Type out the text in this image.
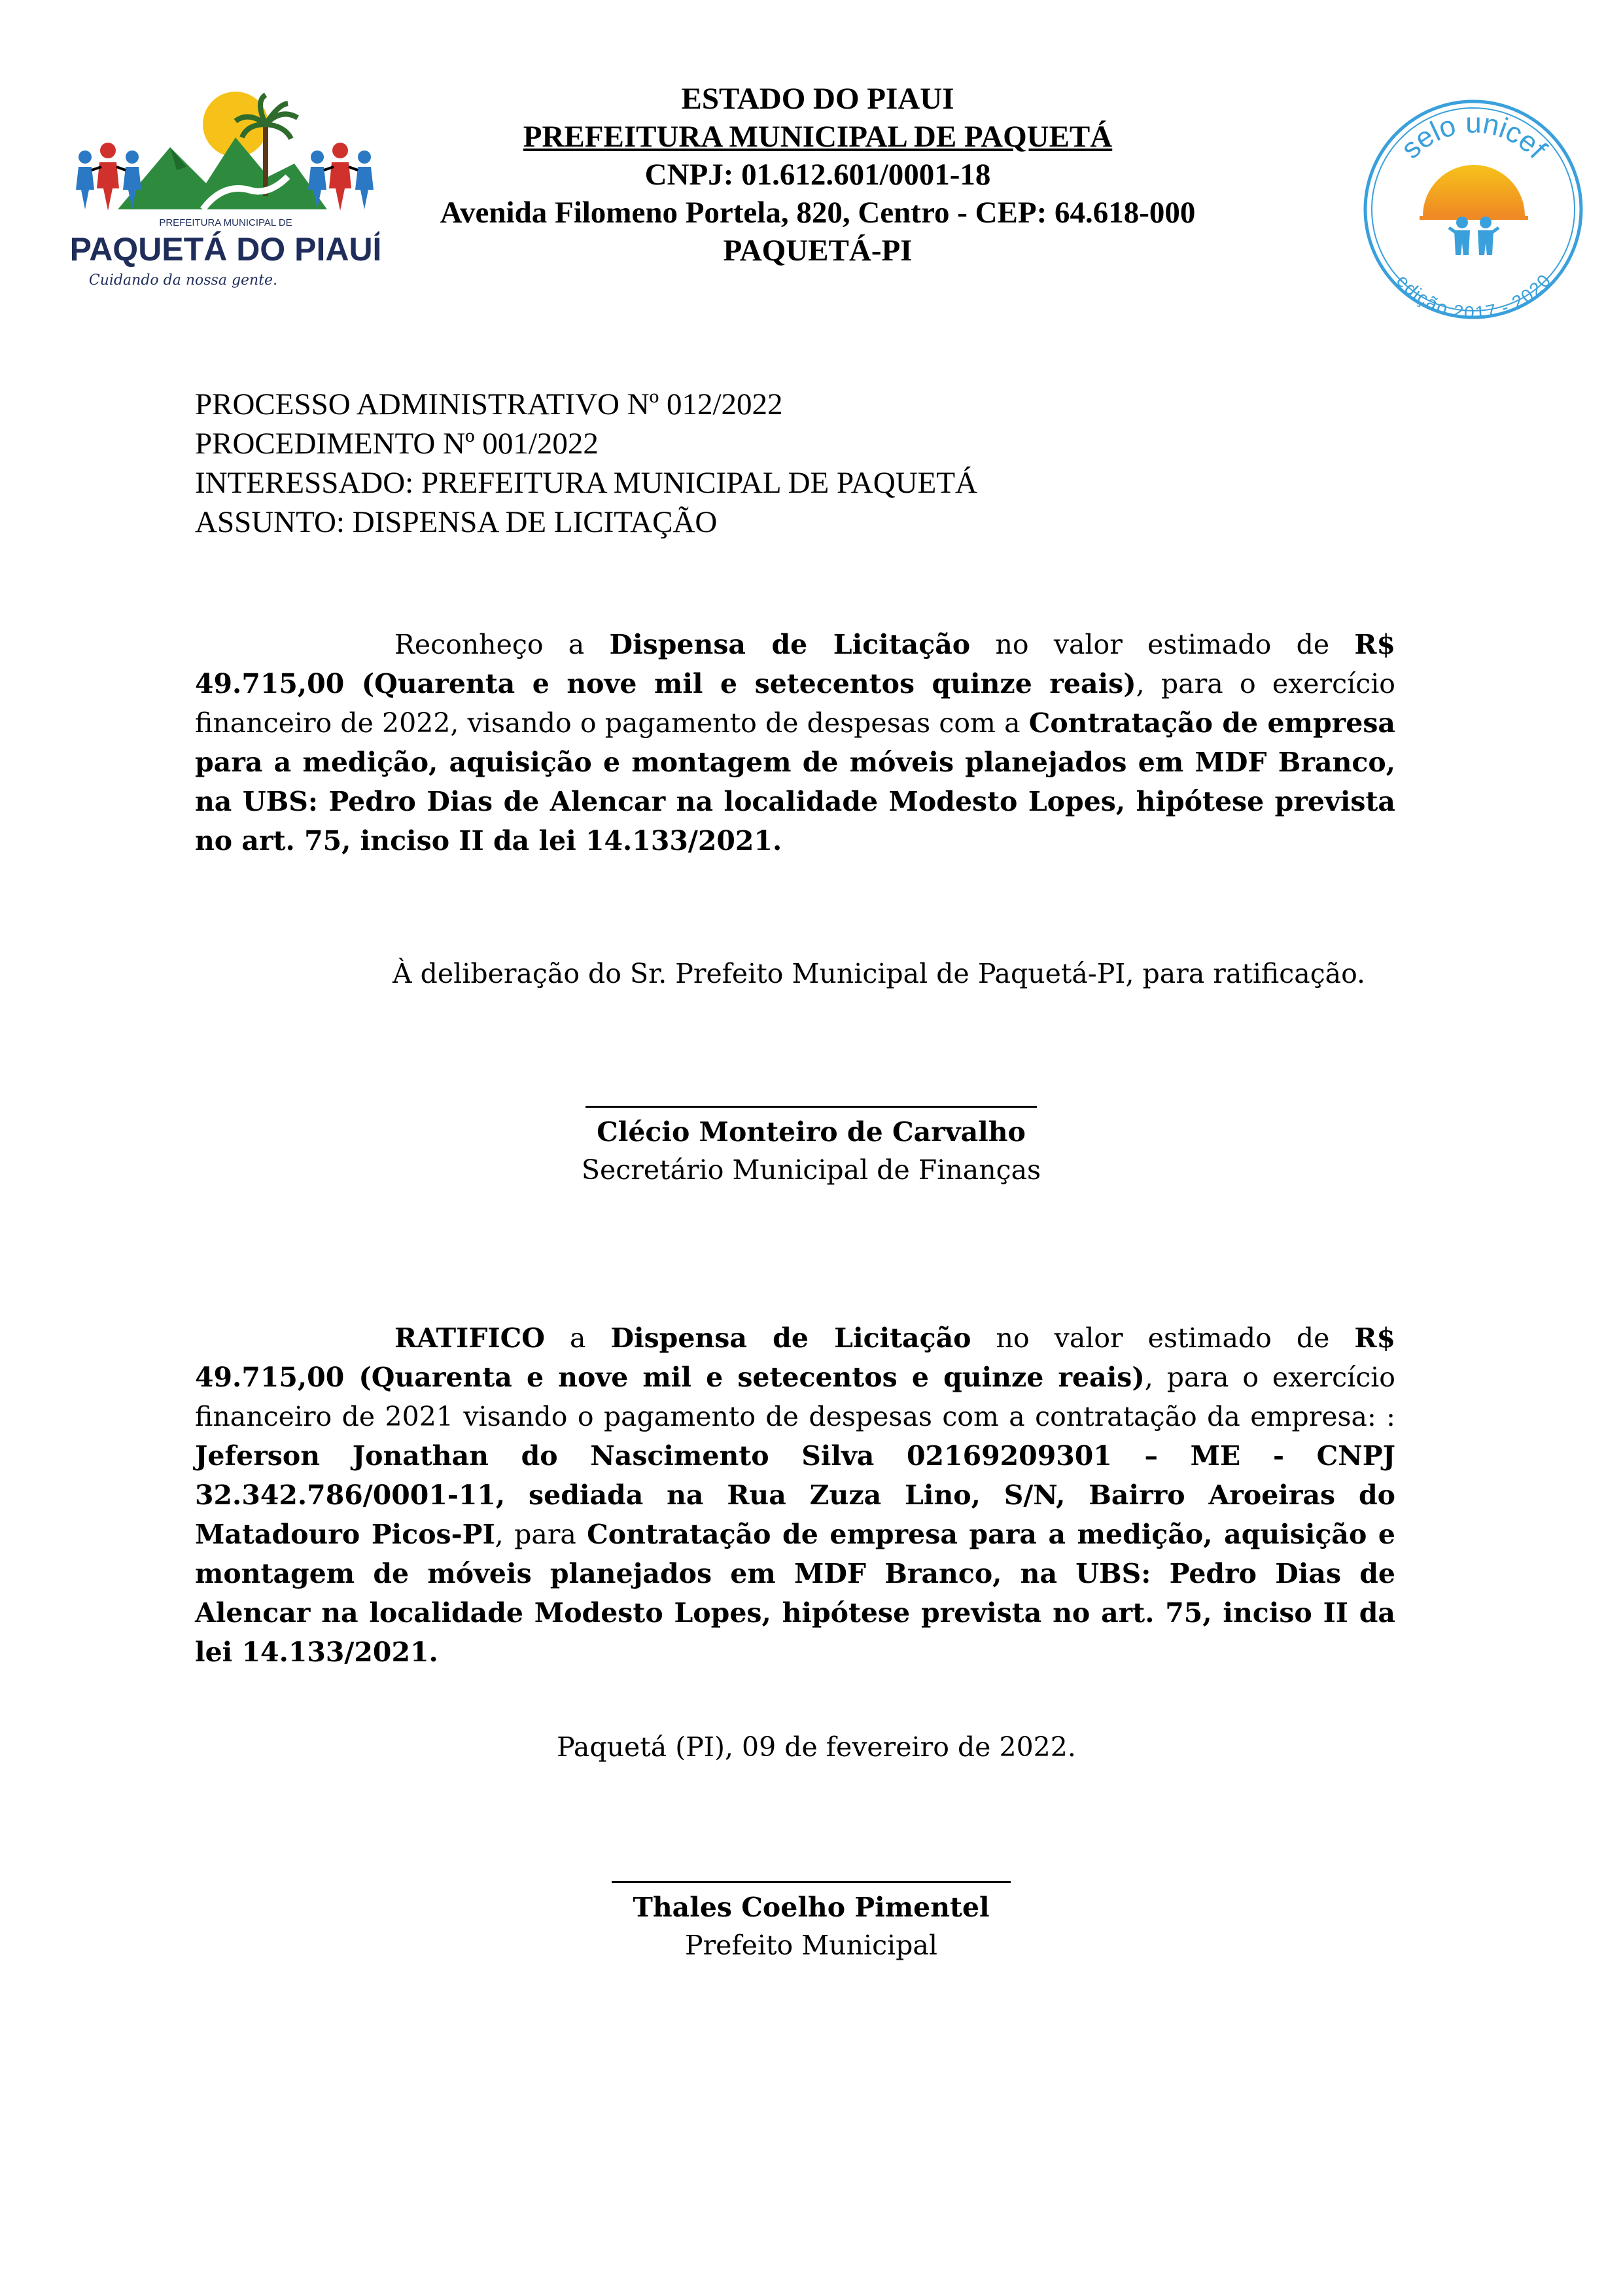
PREFEITURA MUNICIPAL DE
PAQUETÁ DO PIAUÍ
Cuidando da nossa gente.
selo unicef
edição 2017 - 2020
ESTADO DO PIAUI
PREFEITURA MUNICIPAL DE PAQUETÁ
CNPJ: 01.612.601/0001-18
Avenida Filomeno Portela, 820, Centro - CEP: 64.618-000
PAQUETÁ-PI
PROCESSO ADMINISTRATIVO Nº 012/2022
PROCEDIMENTO Nº 001/2022
INTERESSADO: PREFEITURA MUNICIPAL DE PAQUETÁ
ASSUNTO: DISPENSA DE LICITAÇÃO
Reconheço a Dispensa de Licitação no valor estimado de R$ 49.715,00 (Quarenta e nove mil e setecentos quinze reais), para o exercício financeiro de 2022, visando o pagamento de despesas com a Contratação de empresa para a medição, aquisição e montagem de móveis planejados em MDF Branco, na UBS: Pedro Dias de Alencar na localidade Modesto Lopes, hipótese prevista no art. 75, inciso II da lei 14.133/2021.
À deliberação do Sr. Prefeito Municipal de Paquetá-PI, para ratificação.
Clécio Monteiro de Carvalho
Secretário Municipal de Finanças
RATIFICO a Dispensa de Licitação no valor estimado de R$ 49.715,00 (Quarenta e nove mil e setecentos e quinze reais), para o exercício financeiro de 2021 visando o pagamento de despesas com a contratação da empresa: : Jeferson Jonathan do Nascimento Silva 02169209301 – ME - CNPJ 32.342.786/0001-11, sediada na Rua Zuza Lino, S/N, Bairro Aroeiras do Matadouro Picos-PI, para Contratação de empresa para a medição, aquisição e montagem de móveis planejados em MDF Branco, na UBS: Pedro Dias de Alencar na localidade Modesto Lopes, hipótese prevista no art. 75, inciso II da lei 14.133/2021.
Paquetá (PI), 09 de fevereiro de 2022.
Thales Coelho Pimentel
Prefeito Municipal
